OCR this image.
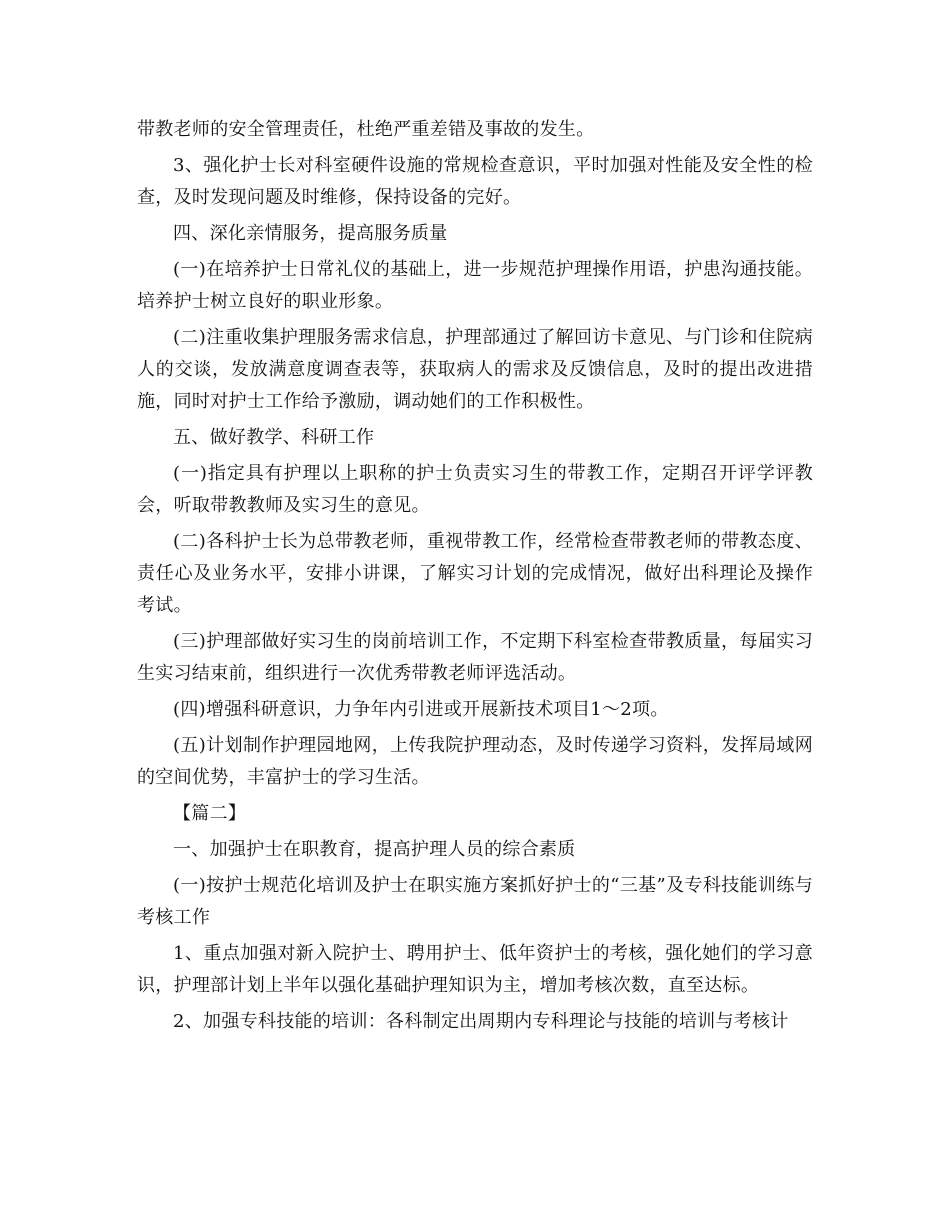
带教老师的安全管理责任，杜绝严重差错及事故的发生。

3、强化护士长对科室硬件设施的常规检查意识，平时加强对性能及安全性的检查，及时发现问题及时维修，保持设备的完好。

四、深化亲情服务，提高服务质量

(一)在培养护士日常礼仪的基础上，进一步规范护理操作用语，护患沟通技能。培养护士树立良好的职业形象。

(二)注重收集护理服务需求信息，护理部通过了解回访卡意见、与门诊和住院病人的交谈，发放满意度调查表等，获取病人的需求及反馈信息，及时的提出改进措施，同时对护士工作给予激励，调动她们的工作积极性。

五、做好教学、科研工作

(一)指定具有护理以上职称的护士负责实习生的带教工作，定期召开评学评教会，听取带教教师及实习生的意见。

(二)各科护士长为总带教老师，重视带教工作，经常检查带教老师的带教态度、责任心及业务水平，安排小讲课，了解实习计划的完成情况，做好出科理论及操作考试。

(三)护理部做好实习生的岗前培训工作，不定期下科室检查带教质量，每届实习生实习结束前，组织进行一次优秀带教老师评选活动。

(四)增强科研意识，力争年内引进或开展新技术项目1～2项。

(五)计划制作护理园地网，上传我院护理动态，及时传递学习资料，发挥局域网的空间优势，丰富护士的学习生活。

【篇二】

一、加强护士在职教育，提高护理人员的综合素质

(一)按护士规范化培训及护士在职实施方案抓好护士的“三基”及专科技能训练与考核工作

1、重点加强对新入院护士、聘用护士、低年资护士的考核，强化她们的学习意识，护理部计划上半年以强化基础护理知识为主，增加考核次数，直至达标。

2、加强专科技能的培训：各科制定出周期内专科理论与技能的培训与考核计
